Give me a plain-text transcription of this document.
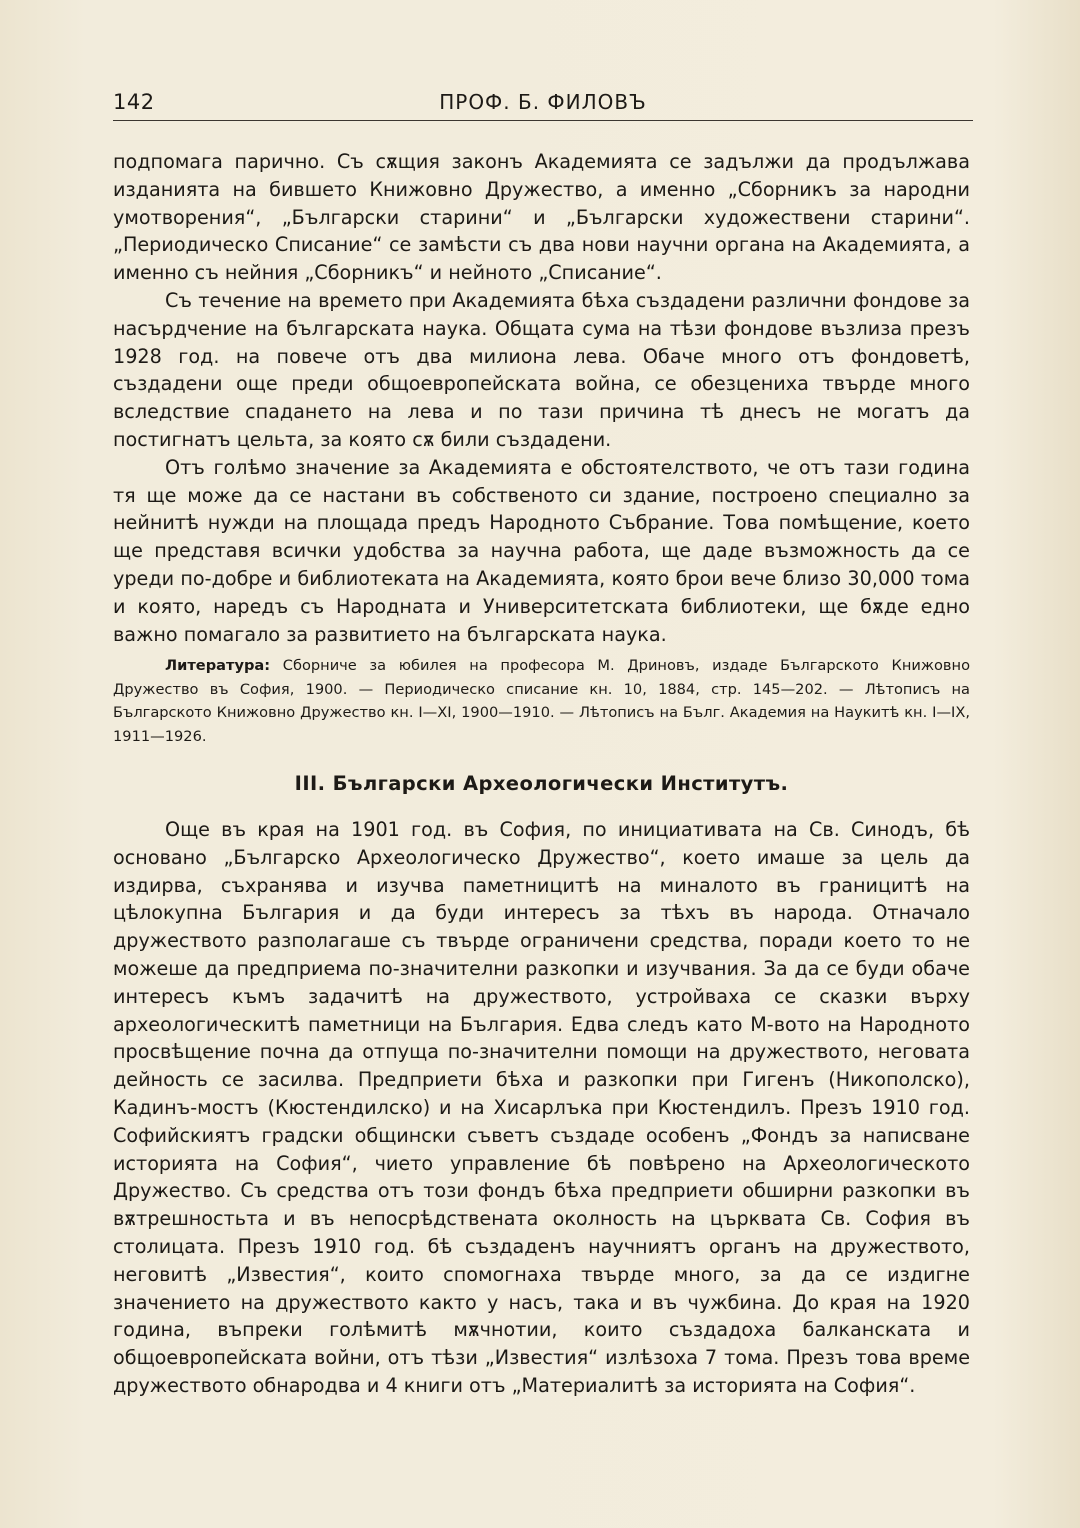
142	ПРОФ. Б. ФИЛОВЪ

подпомага парично. Съ сѫщия законъ Академията се задължи да продължава изданията на бившето Книжовно Дружество, а именно „Сборникъ за народни умотворения“, „Български старини“ и „Български художествени старини“. „Периодическо Списание“ се замѣсти съ два нови научни органа на Академията, а именно съ нейния „Сборникъ“ и нейното „Списание“.

Съ течение на времето при Академията бѣха създадени различни фондове за насърдчение на българската наука. Общата сума на тѣзи фондове възлиза презъ 1928 год. на повече отъ два милиона лева. Обаче много отъ фондоветѣ, създадени още преди общоевропейската война, се обезцениха твърде много вследствие спадането на лева и по тази причина тѣ днесъ не могатъ да постигнатъ цельта, за която сѫ били създадени.

Отъ голѣмо значение за Академията е обстоятелството, че отъ тази година тя ще може да се настани въ собственото си здание, построено специално за нейнитѣ нужди на площада предъ Народното Събрание. Това помѣщение, което ще представя всички удобства за научна работа, ще даде възможность да се уреди по-добре и библиотеката на Академията, която брои вече близо 30,000 тома и която, наредъ съ Народната и Университетската библиотеки, ще бѫде едно важно помагало за развитието на българската наука.

Литература: Сборниче за юбилея на професора М. Дриновъ, издаде Българското Книжовно Дружество въ София, 1900. — Периодическо списание кн. 10, 1884, стр. 145—202. — Лѣтописъ на Българското Книжовно Дружество кн. I—XI, 1900—1910. — Лѣтописъ на Бълг. Академия на Наукитѣ кн. I—IX, 1911—1926.
III. Български Археологически Институтъ.

Още въ края на 1901 год. въ София, по инициативата на Св. Синодъ, бѣ основано „Българско Археологическо Дружество“, което имаше за цель да издирва, съхранява и изучва паметницитѣ на миналото въ границитѣ на цѣлокупна България и да буди интересъ за тѣхъ въ народа. Отначало дружеството разполагаше съ твърде ограничени средства, поради което то не можеше да предприема по-значителни разкопки и изучвания. За да се буди обаче интересъ къмъ задачитѣ на дружеството, устройваха се сказки върху археологическитѣ паметници на България. Едва следъ като М-вото на Народното просвѣщение почна да отпуща по-значителни помощи на дружеството, неговата дейность се засилва. Предприети бѣха и разкопки при Гигенъ (Никополско), Кадинъ-мостъ (Кюстендилско) и на Хисарлъка при Кюстендилъ. Презъ 1910 год. Софийскиятъ градски общински съветъ създаде особенъ „Фондъ за написване историята на София“, чието управление бѣ повѣрено на Археологическото Дружество. Съ средства отъ този фондъ бѣха предприети обширни разкопки въ вѫтрешностьта и въ непосрѣдствената околность на църквата Св. София въ столицата. Презъ 1910 год. бѣ създаденъ научниятъ органъ на дружеството, неговитѣ „Известия“, които спомогнаха твърде много, за да се издигне значението на дружеството както у насъ, така и въ чужбина. До края на 1920 година, въпреки голѣмитѣ мѫчнотии, които създадоха балканската и общоевропейската войни, отъ тѣзи „Известия“ излѣзоха 7 тома. Презъ това време дружеството обнародва и 4 книги отъ „Материалитѣ за историята на София“.
